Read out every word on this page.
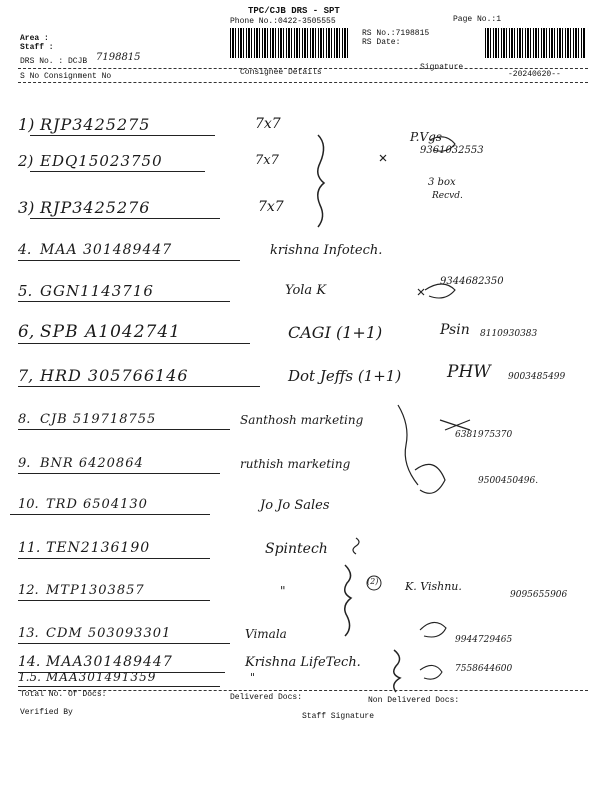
TPC/CJB DRS - SPT
Phone No.:0422-3505555	Page No.:1
Area :
Staff :
RS No.:7198815
RS Date:
DRS No. : DCJB 7198815
Signature
S No Consignment No	Consignee Details	-20240620--
1) RJP3425275	7x7
2) EDQ15023750	7x7
3) RJP3425276	7x7
4. MAA 301489447	krishna Infotech.
5. GGN1143716	Yola K
6, SPB A1042741	CAGI (1+1)
7, HRD 305766146	Dot Jeffs (1+1)
8. CJB 519718755	Santhosh marketing
9. BNR 6420864	ruthish marketing
10. TRD 6504130	Jo Jo Sales
11. TEN2136190	Spintech
12. MTP1303857	"
13. CDM 503093301	Vimala
14. MAA301489447	Krishna LifeTech.
1.5. MAA301491359	"
P.Vgs
9361032553
3 box
Recvd.
9344682350
Psin 8110930383
PHW 9003485499
6381975370
9500450496.
K. Vishnu.
9095655906
9944729465
7558644600
(2)
Total No. Of Docs:	Delivered Docs:	Non Delivered Docs:
Verified By	Staff Signature
